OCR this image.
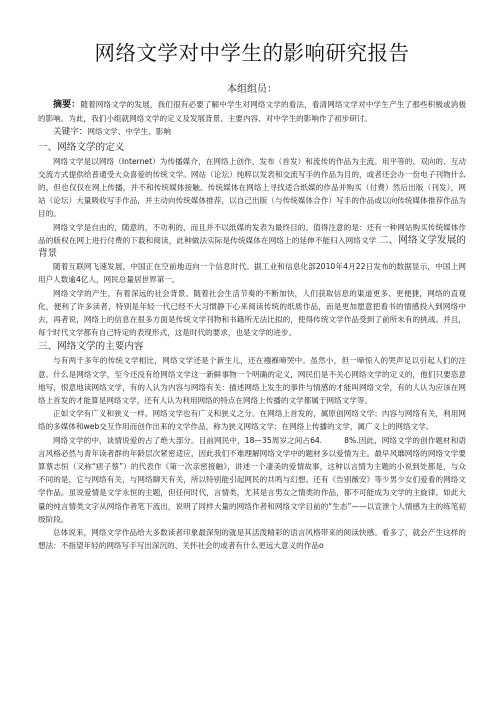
网络文学对中学生的影响研究报告
本组组员：

摘要：随着网络文学的发展，我们很有必要了解中学生对网络文学的看法，看清网络文学对中学生产生了那些积极或消极的影响。为此，我们小组就网络文学的定义及发展背景、主要内容、对中学生的影响作了初步研讨。

关键字：网络文学、中学生、影响

一、网络文学的定义

网络文学是以网络（Internet）为传播媒介，在网络上创作、发布（首发）和流传的作品为主流。用平等的、双向的、互动交流方式提供给普通受大众喜爱的传统文学。网站（论坛）纯粹以发表和交流写手的作品为目的，或者还会办一份电子刊物什么的，但也仅仅在网上传播，并不和传统媒体接触。传统媒体在网络上寻找适合纸媒的作品并购买（付费）然后出版（刊发），网站（论坛）大量吸收写手作品，并主动向传统媒体推荐，以自己出版（与传统媒体合作）写手的作品或以向传统媒体推荐作品为目的。

网络文学是自由的，随意的，不功利的，而且并不以纸媒的发表为最终目的。值得注意的是：还有一种网站购买传统媒体作品的版权在网上进行付费的下载和阅读，此种做法实际是传统媒体在网络上的延伸不能归入网络文学 二、网络文学发展的背景

随着互联网飞速发展，中国正在空前地迈向一个信息时代。据工业和信息化部2010年4月22日发布的数据显示，中国上网用户人数逾4亿人，网民总量居世界第一。

网络文学的产生，有着深远的社会背景。随着社会生活节奏的不断加快，人们获取信息的渠道更多、更便捷，网络的直观化，便利了许多读者，特别是年轻一代已经不大习惯静下心来阅读传统的纸质作品，而是更加愿意把看书的情感投入到网络中去，再者说，网络上的信息在很多方面是传统文学刊物和书籍所无法比拟的，使得传统文学作品受到了前所未有的挑战。并且，每个时代文学都有自己特定的表现形式，这是时代的要求，也是文学的进步。

三、网络文学的主要内容

与有两千多年的传统文学相比，网络文学还是个新生儿，还在襁褓啼哭中。虽然小，但一啼惊人的哭声足以引起人们的注意。什么是网络文学，至今还没有给网络文学这一新鲜事物一个明确的定义，网民们是不关心网络文学的定义的，他们只要恣意地写，恨意地读网络文学，有的人认为内容与网络有关：描述网络上发生的事件与情感的才能叫网络文学，有的人认为应该在网络上首发的才能算是网络文学，还有人认为利用网络的特点在网络上传播的文学都属于网络文学等。

正如文学有广义和狭义一样。网络文学也有广义和狭义之分。在网络上首发的，属原创网络文学；内容与网络有关，利用网络的多媒体和web交互作用而创作出来的文学作品，称为狭义网络文学；在网络上传播的文学，属广义上的网络文学。

网络文学的中，谈情说爱的占了绝大部分。目前网民中，18—35周岁之间占64.	8%.因此，网络文学的创作题材和语言风格必然与青年读者群的年龄层次紧密适应，因此我们不难理解网络文学中的题材多以爱情为主。最早风靡网络的网络文学要算蔡志恒（又称“痞子蔡”）的代表作《第一次亲密接触》，讲述一个凄美的爱情故事，这种以言情为主题的小说到处都是，与众不同的是，它与网络有关，与网络聊天有关，所以特别能引起网民的共鸣与幻想。还有《告别薇安》等少男少女们爱看的网络文学作品。虽说爱情是文学永恒的主题，但任何时代，言情类，尤其是言男女之情类的作品，都不可能成为文学的主旋律。如此大量的纯言情类文字从网络作者笔下流出，说明了同样大量的网络作者和网络文学目前的“生态”——以宣泄个人情感为主的练笔初级阶段。

总体说来，网络文学作品给大多数读者印象最深刻的就是其活泼精彩的语言风格带来的阅读快感。看多了，就会产生这样的想法：不指望年轻的网络写手写出深沉的、关怀社会的或者有什么更远大意义的作品o
